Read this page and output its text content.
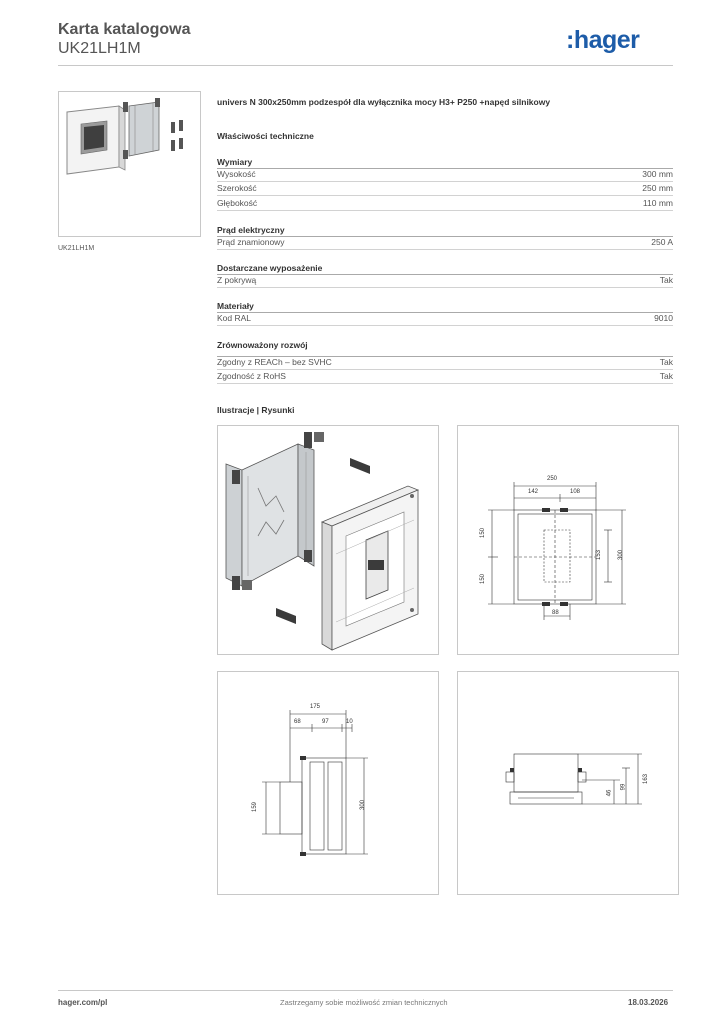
Karta katalogowa
UK21LH1M	:hager
UK21LH1M
univers N 300x250mm podzespół dla wyłącznika mocy H3+ P250 +napęd silnikowy
Właściwości techniczne
Wymiary
Wysokość	300 mm
Szerokość	250 mm
Głębokość	110 mm
Prąd elektryczny
Prąd znamionowy	250 A
Dostarczane wyposażenie
Z pokrywą	Tak
Materiały
Kod RAL	9010
Zrównoważony rozwój
Zgodny z REACh – bez SVHC	Tak
Zgodność z RoHS	Tak
Ilustracje | Rysunki
250
142	108
150
150
153	300
88
175
68	97	10
159	300
46
99
163
hager.com/pl	Zastrzegamy sobie możliwość zmian technicznych	18.03.2026
